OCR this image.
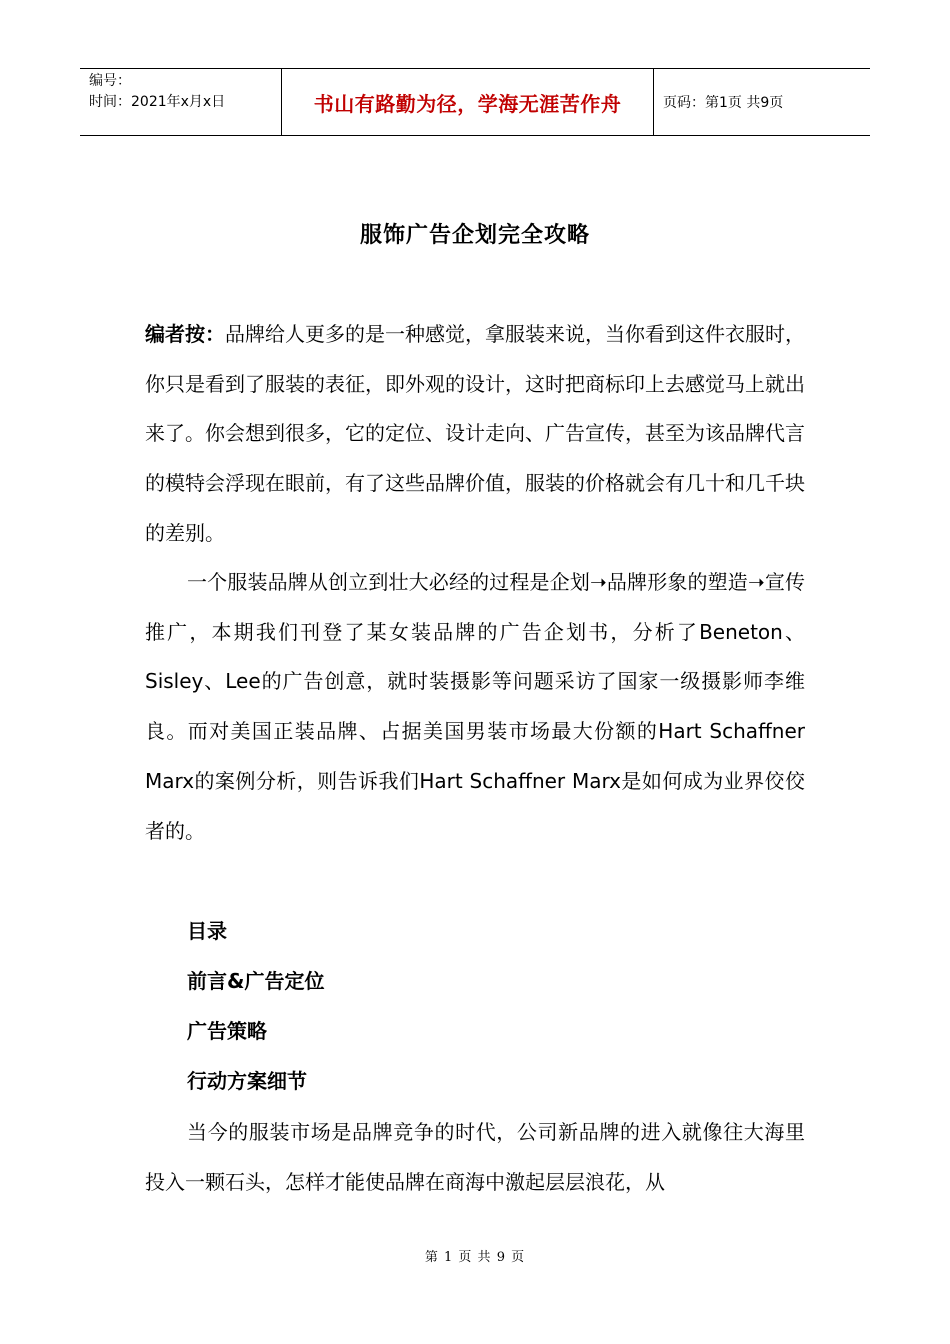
编号：
时间：2021年x月x日	书山有路勤为径，学海无涯苦作舟	页码：第1页 共9页
服饰广告企划完全攻略
编者按：品牌给人更多的是一种感觉，拿服装来说，当你看到这件衣服时，你只是看到了服装的表征，即外观的设计，这时把商标印上去感觉马上就出来了。你会想到很多，它的定位、设计走向、广告宣传，甚至为该品牌代言的模特会浮现在眼前，有了这些品牌价值，服装的价格就会有几十和几千块的差别。
一个服装品牌从创立到壮大必经的过程是企划➝品牌形象的塑造➝宣传推广，本期我们刊登了某女装品牌的广告企划书，分析了Beneton、Sisley、Lee的广告创意，就时装摄影等问题采访了国家一级摄影师李维良。而对美国正装品牌、占据美国男装市场最大份额的Hart Schaffner Marx的案例分析，则告诉我们Hart Schaffner Marx是如何成为业界佼佼者的。
目录
前言&广告定位
广告策略
行动方案细节
当今的服装市场是品牌竞争的时代，公司新品牌的进入就像往大海里投入一颗石头，怎样才能使品牌在商海中激起层层浪花，从
第 1 页 共 9 页
